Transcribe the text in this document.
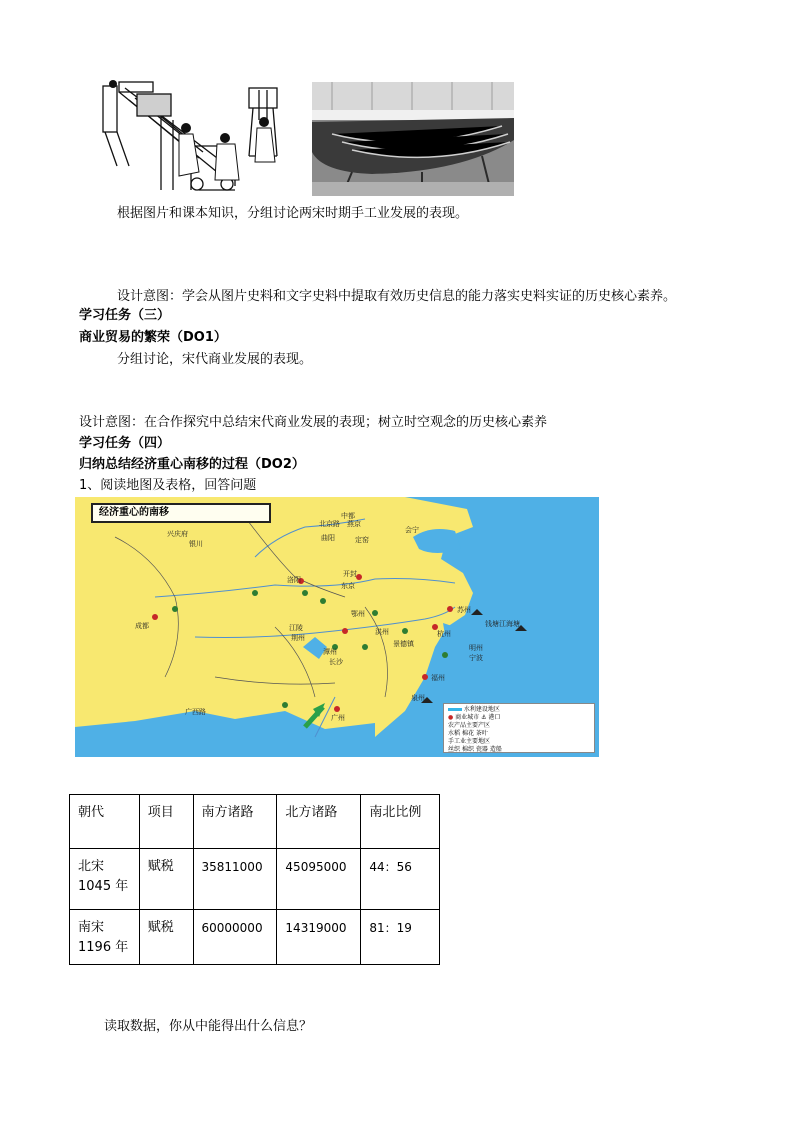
根据图片和课本知识，分组讨论两宋时期手工业发展的表现。
设计意图：学会从图片史料和文字史料中提取有效历史信息的能力落实史料实证的历史核心素养。
学习任务（三）
商业贸易的繁荣（DO1）
分组讨论，宋代商业发展的表现。
设计意图：在合作探究中总结宋代商业发展的表现；树立时空观念的历史核心素养
学习任务（四）
归纳总结经济重心南移的过程（DO2）
1、阅读地图及表格，回答问题
经济重心的南移	中都
北京路 燕京
曲阳	定窑
兴庆府
银川
洛阳
开封
东京
江陵
荆州
苏州
杭州
钱塘江海塘
明州
宁波
景德镇
福州
泉州
广州
潭州
长沙
成都
鄂州
洪州
广西路
会宁
水利建设地区
● 商业城市 ⚓ 港口
农产品主要产区
水稻 棉花 茶叶
手工业主要地区
丝织 棉织 瓷器 造船
朝代	项目	南方诸路	北方诸路	南北比例
北宋
1045 年	赋税	35811000	45095000	44：56
南宋
1196 年	赋税	60000000	14319000	81：19
读取数据，你从中能得出什么信息？
